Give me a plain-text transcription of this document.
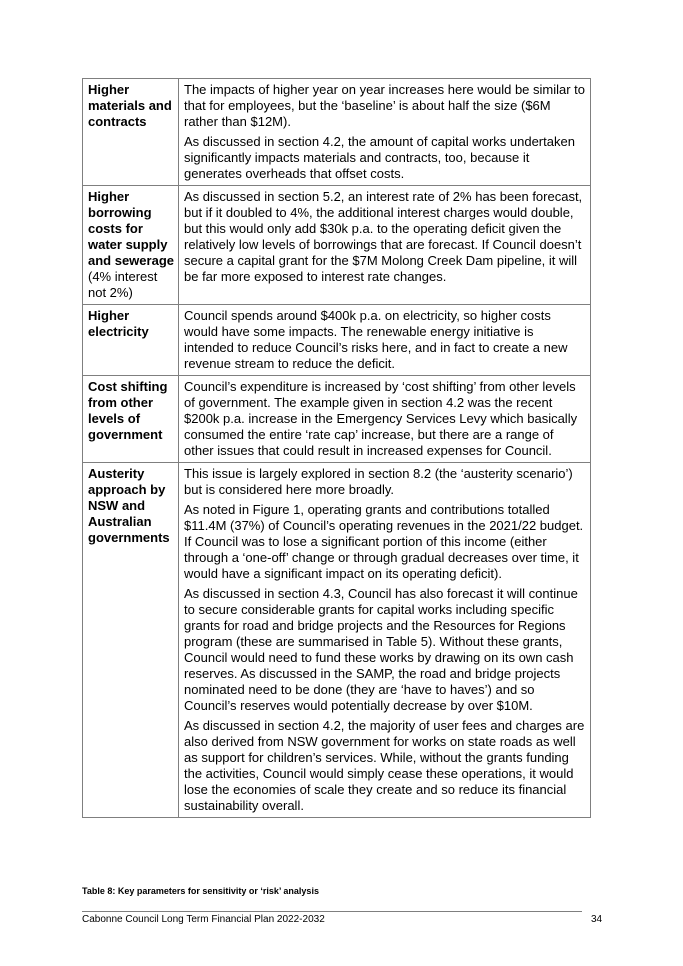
Higher materials and contracts	The impacts of higher year on year increases here would be similar to that for employees, but the ‘baseline’ is about half the size ($6M rather than $12M).

As discussed in section 4.2, the amount of capital works undertaken significantly impacts materials and contracts, too, because it generates overheads that offset costs.

Higher borrowing costs for water supply and sewerage
(4% interest not 2%)	As discussed in section 5.2, an interest rate of 2% has been forecast, but if it doubled to 4%, the additional interest charges would double, but this would only add $30k p.a. to the operating deficit given the relatively low levels of borrowings that are forecast. If Council doesn’t secure a capital grant for the $7M Molong Creek Dam pipeline, it will be far more exposed to interest rate changes.

Higher electricity	Council spends around $400k p.a. on electricity, so higher costs would have some impacts. The renewable energy initiative is intended to reduce Council’s risks here, and in fact to create a new revenue stream to reduce the deficit.

Cost shifting from other levels of government	Council’s expenditure is increased by ‘cost shifting’ from other levels of government. The example given in section 4.2 was the recent $200k p.a. increase in the Emergency Services Levy which basically consumed the entire ‘rate cap’ increase, but there are a range of other issues that could result in increased expenses for Council.

Austerity approach by NSW and Australian governments	This issue is largely explored in section 8.2 (the ‘austerity scenario’) but is considered here more broadly.

As noted in Figure 1, operating grants and contributions totalled $11.4M (37%) of Council’s operating revenues in the 2021/22 budget. If Council was to lose a significant portion of this income (either through a ‘one-off’ change or through gradual decreases over time, it would have a significant impact on its operating deficit).

As discussed in section 4.3, Council has also forecast it will continue to secure considerable grants for capital works including specific grants for road and bridge projects and the Resources for Regions program (these are summarised in Table 5). Without these grants, Council would need to fund these works by drawing on its own cash reserves. As discussed in the SAMP, the road and bridge projects nominated need to be done (they are ‘have to haves’) and so Council’s reserves would potentially decrease by over $10M.

As discussed in section 4.2, the majority of user fees and charges are also derived from NSW government for works on state roads as well as support for children’s services. While, without the grants funding the activities, Council would simply cease these operations, it would lose the economies of scale they create and so reduce its financial sustainability overall.

Table 8: Key parameters for sensitivity or ‘risk’ analysis
Cabonne Council Long Term Financial Plan 2022-2032	34
